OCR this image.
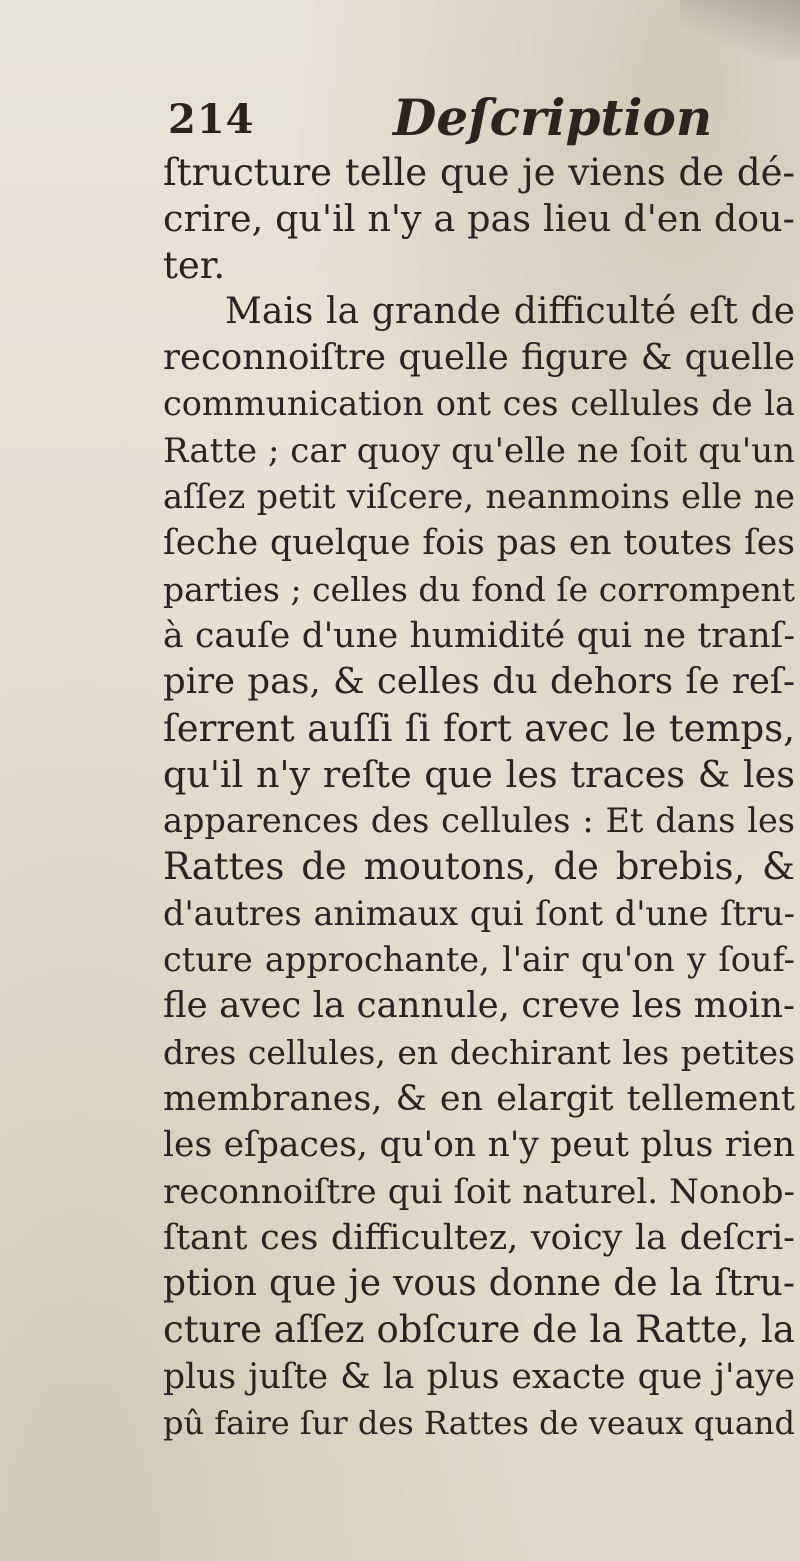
214	Deſcription
ſtructure telle que je viens de dé-
crire, qu'il n'y a pas lieu d'en dou-
ter.
Mais la grande difficulté eſt de
reconnoiſtre quelle figure & quelle
communication ont ces cellules de la
Ratte ; car quoy qu'elle ne ſoit qu'un
aſſez petit viſcere, neanmoins elle ne
ſeche quelque fois pas en toutes ſes
parties ; celles du fond ſe corrompent
à cauſe d'une humidité qui ne tranſ-
pire pas, & celles du dehors ſe reſ-
ſerrent auſſi ſi fort avec le temps,
qu'il n'y reſte que les traces & les
apparences des cellules : Et dans les
Rattes de moutons, de brebis, &
d'autres animaux qui ſont d'une ſtru-
cture approchante, l'air qu'on y ſouf-
fle avec la cannule, creve les moin-
dres cellules, en dechirant les petites
membranes, & en elargit tellement
les eſpaces, qu'on n'y peut plus rien
reconnoiſtre qui ſoit naturel. Nonob-
ſtant ces difficultez, voicy la deſcri-
ption que je vous donne de la ſtru-
cture aſſez obſcure de la Ratte, la
plus juſte & la plus exacte que j'aye
pû faire ſur des Rattes de veaux quand
